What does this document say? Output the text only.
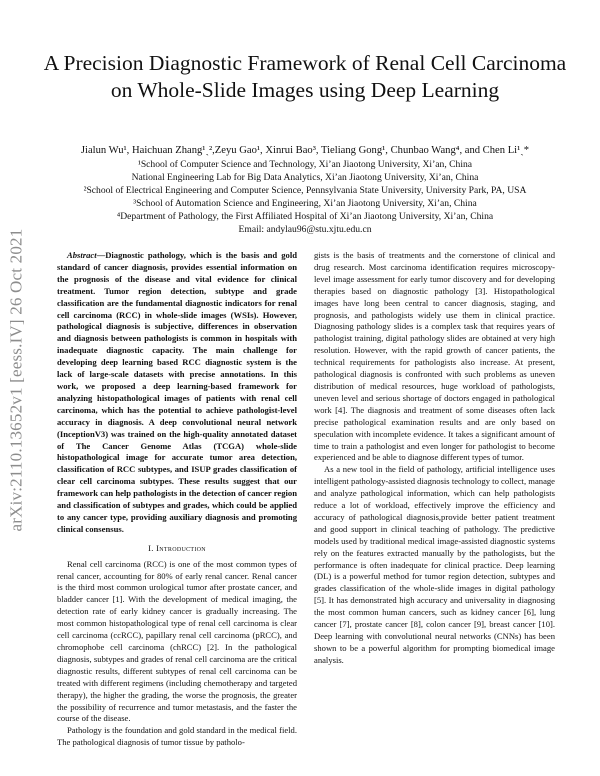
arXiv:2110.13652v1 [eess.IV] 26 Oct 2021
A Precision Diagnostic Framework of Renal Cell Carcinoma on Whole-Slide Images using Deep Learning
Jialun Wu¹, Haichuan Zhang¹ˎ²,Zeyu Gao¹, Xinrui Bao³, Tieliang Gong¹, Chunbao Wang⁴, and Chen Li¹ˎ*
¹School of Computer Science and Technology, Xi’an Jiaotong University, Xi’an, China
National Engineering Lab for Big Data Analytics, Xi’an Jiaotong University, Xi’an, China
²School of Electrical Engineering and Computer Science, Pennsylvania State University, University Park, PA, USA
³School of Automation Science and Engineering, Xi’an Jiaotong University, Xi’an, China
⁴Department of Pathology, the First Affiliated Hospital of Xi’an Jiaotong University, Xi’an, China
Email: andylau96@stu.xjtu.edu.cn

Abstract—Diagnostic pathology, which is the basis and gold standard of cancer diagnosis, provides essential information on the prognosis of the disease and vital evidence for clinical treatment. Tumor region detection, subtype and grade classification are the fundamental diagnostic indicators for renal cell carcinoma (RCC) in whole-slide images (WSIs). However, pathological diagnosis is subjective, differences in observation and diagnosis between pathologists is common in hospitals with inadequate diagnostic capacity. The main challenge for developing deep learning based RCC diagnostic system is the lack of large-scale datasets with precise annotations. In this work, we proposed a deep learning-based framework for analyzing histopathological images of patients with renal cell carcinoma, which has the potential to achieve pathologist-level accuracy in diagnosis. A deep convolutional neural network (InceptionV3) was trained on the high-quality annotated dataset of The Cancer Genome Atlas (TCGA) whole-slide histopathological image for accurate tumor area detection, classification of RCC subtypes, and ISUP grades classification of clear cell carcinoma subtypes. These results suggest that our framework can help pathologists in the detection of cancer region and classification of subtypes and grades, which could be applied to any cancer type, providing auxiliary diagnosis and promoting clinical consensus.

I. Introduction

Renal cell carcinoma (RCC) is one of the most common types of renal cancer, accounting for 80% of early renal cancer. Renal cancer is the third most common urological tumor after prostate cancer, and bladder cancer [1]. With the development of medical imaging, the detection rate of early kidney cancer is gradually increasing. The most common histopathological type of renal cell carcinoma is clear cell carcinoma (ccRCC), papillary renal cell carcinoma (pRCC), and chromophobe cell carcinoma (chRCC) [2]. In the pathological diagnosis, subtypes and grades of renal cell carcinoma are the critical diagnostic results, different subtypes of renal cell carcinoma can be treated with different regimens (including chemotherapy and targeted therapy), the higher the grading, the worse the prognosis, the greater the possibility of recurrence and tumor metastasis, and the faster the course of the disease.

Pathology is the foundation and gold standard in the medical field. The pathological diagnosis of tumor tissue by patholo-

gists is the basis of treatments and the cornerstone of clinical and drug research. Most carcinoma identification requires microscopy-level image assessment for early tumor discovery and for developing therapies based on diagnostic pathology [3]. Histopathological images have long been central to cancer diagnosis, staging, and prognosis, and pathologists widely use them in clinical practice. Diagnosing pathology slides is a complex task that requires years of pathologist training, digital pathology slides are obtained at very high resolution. However, with the rapid growth of cancer patients, the technical requirements for pathologists also increase. At present, pathological diagnosis is confronted with such problems as uneven distribution of medical resources, huge workload of pathologists, uneven level and serious shortage of doctors engaged in pathological work [4]. The diagnosis and treatment of some diseases often lack precise pathological examination results and are only based on speculation with incomplete evidence. It takes a significant amount of time to train a pathologist and even longer for pathologist to become experienced and be able to diagnose different types of tumor.

As a new tool in the field of pathology, artificial intelligence uses intelligent pathology-assisted diagnosis technology to collect, manage and analyze pathological information, which can help pathologists reduce a lot of workload, effectively improve the efficiency and accuracy of pathological diagnosis,provide better patient treatment and good support in clinical teaching of pathology. The predictive models used by traditional medical image-assisted diagnostic systems rely on the features extracted manually by the pathologists, but the performance is often inadequate for clinical practice. Deep learning (DL) is a powerful method for tumor region detection, subtypes and grades classification of the whole-slide images in digital pathology [5]. It has demonstrated high accuracy and universality in diagnosing the most common human cancers, such as kidney cancer [6], lung cancer [7], prostate cancer [8], colon cancer [9], breast cancer [10]. Deep learning with convolutional neural networks (CNNs) has been shown to be a powerful algorithm for prompting biomedical image analysis.
